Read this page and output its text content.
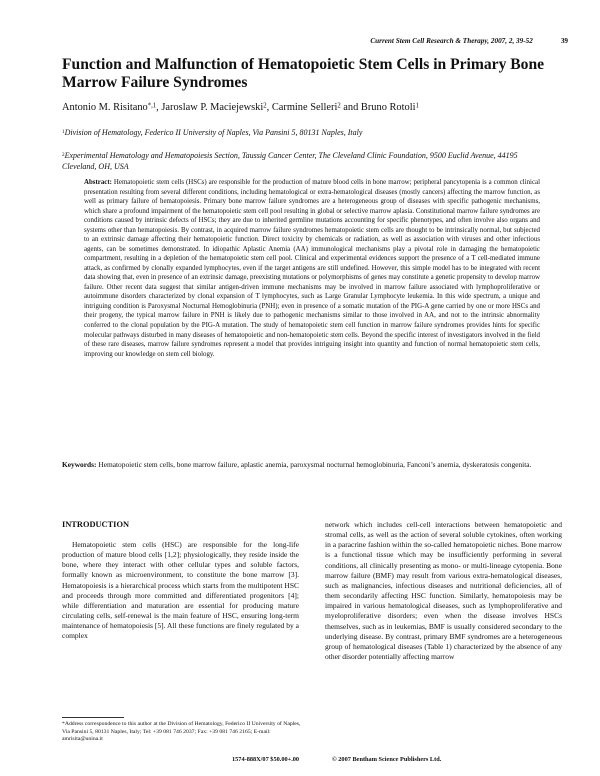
Current Stem Cell Research & Therapy, 2007, 2, 39-52	39
Function and Malfunction of Hematopoietic Stem Cells in Primary Bone Marrow Failure Syndromes
Antonio M. Risitano$^{*,1}$, Jaroslaw P. Maciejewski$^2$, Carmine Selleri$^2$ and Bruno Rotoli$^1$
$^1$Division of Hematology, Federico II University of Naples, Via Pansini 5, 80131 Naples, Italy
$^2$Experimental Hematology and Hematopoiesis Section, Taussig Cancer Center, The Cleveland Clinic Foundation, 9500 Euclid Avenue, 44195 Cleveland, OH, USA
Abstract: Hematopoietic stem cells (HSCs) are responsible for the production of mature blood cells in bone marrow; peripheral pancytopenia is a common clinical presentation resulting from several different conditions, including hematological or extra-hematological diseases (mostly cancers) affecting the marrow function, as well as primary failure of hematopoiesis. Primary bone marrow failure syndromes are a heterogeneous group of diseases with specific pathogenic mechanisms, which share a profound impairment of the hematopoietic stem cell pool resulting in global or selective marrow aplasia. Constitutional marrow failure syndromes are conditions caused by intrinsic defects of HSCs; they are due to inherited germline mutations accounting for specific phenotypes, and often involve also organs and systems other than hematopoiesis. By contrast, in acquired marrow failure syndromes hematopoietic stem cells are thought to be intrinsically normal, but subjected to an extrinsic damage affecting their hematopoietic function. Direct toxicity by chemicals or radiation, as well as association with viruses and other infectious agents, can be sometimes demonstrated. In idiopathic Aplastic Anemia (AA) immunological mechanisms play a pivotal role in damaging the hematopoietic compartment, resulting in a depletion of the hematopoietic stem cell pool. Clinical and experimental evidences support the presence of a T cell-mediated immune attack, as confirmed by clonally expanded lymphocytes, even if the target antigens are still undefined. However, this simple model has to be integrated with recent data showing that, even in presence of an extrinsic damage, preexisting mutations or polymorphisms of genes may constitute a genetic propensity to develop marrow failure. Other recent data suggest that similar antigen-driven immune mechanisms may be involved in marrow failure associated with lymphoproliferative or autoimmune disorders characterized by clonal expansion of T lymphocytes, such as Large Granular Lymphocyte leukemia. In this wide spectrum, a unique and intriguing condition is Paroxysmal Nocturnal Hemoglobinuria (PNH); even in presence of a somatic mutation of the PIG-A gene carried by one or more HSCs and their progeny, the typical marrow failure in PNH is likely due to pathogenic mechanisms similar to those involved in AA, and not to the intrinsic abnormality conferred to the clonal population by the PIG-A mutation. The study of hematopoietic stem cell function in marrow failure syndromes provides hints for specific molecular pathways disturbed in many diseases of hematopoietic and non-hematopoietic stem cells. Beyond the specific interest of investigators involved in the field of these rare diseases, marrow failure syndromes represent a model that provides intriguing insight into quantity and function of normal hematopoietic stem cells, improving our knowledge on stem cell biology.
Keywords: Hematopoietic stem cells, bone marrow failure, aplastic anemia, paroxysmal nocturnal hemoglobinuria, Fanconi’s anemia, dyskeratosis congenita.
INTRODUCTION
Hematopoietic stem cells (HSC) are responsible for the long-life production of mature blood cells [1,2]; physiologically, they reside inside the bone, where they interact with other cellular types and soluble factors, formally known as microenvironment, to constitute the bone marrow [3]. Hematopoiesis is a hierarchical process which starts from the multipotent HSC and proceeds through more committed and differentiated progenitors [4]; while differentiation and maturation are essential for producing mature circulating cells, self-renewal is the main feature of HSC, ensuring long-term maintenance of hematopoiesis [5]. All these functions are finely regulated by a complex
network which includes cell-cell interactions between hematopoietic and stromal cells, as well as the action of several soluble cytokines, often working in a paracrine fashion within the so-called hematopoietic niches. Bone marrow is a functional tissue which may be insufficiently performing in several conditions, all clinically presenting as mono- or multi-lineage cytopenia. Bone marrow failure (BMF) may result from various extra-hematological diseases, such as malignancies, infectious diseases and nutritional deficiencies, all of them secondarily affecting HSC function. Similarly, hematopoiesis may be impaired in various hematological diseases, such as lymphoproliferative and myeloproliferative disorders; even when the disease involves HSCs themselves, such as in leukemias, BMF is usually considered secondary to the underlying disease. By contrast, primary BMF syndromes are a heterogeneous group of hematological diseases (Table 1) characterized by the absence of any other disorder potentially affecting marrow
*Address correspondence to this author at the Division of Hematology, Federico II University of Naples, Via Pansini 5, 80131 Naples, Italy; Tel: +39 081 746 2037; Fax: +39 081 746 2165; E-mail: amrisita@unina.it
1574-888X/07 $50.00+.00	© 2007 Bentham Science Publishers Ltd.
